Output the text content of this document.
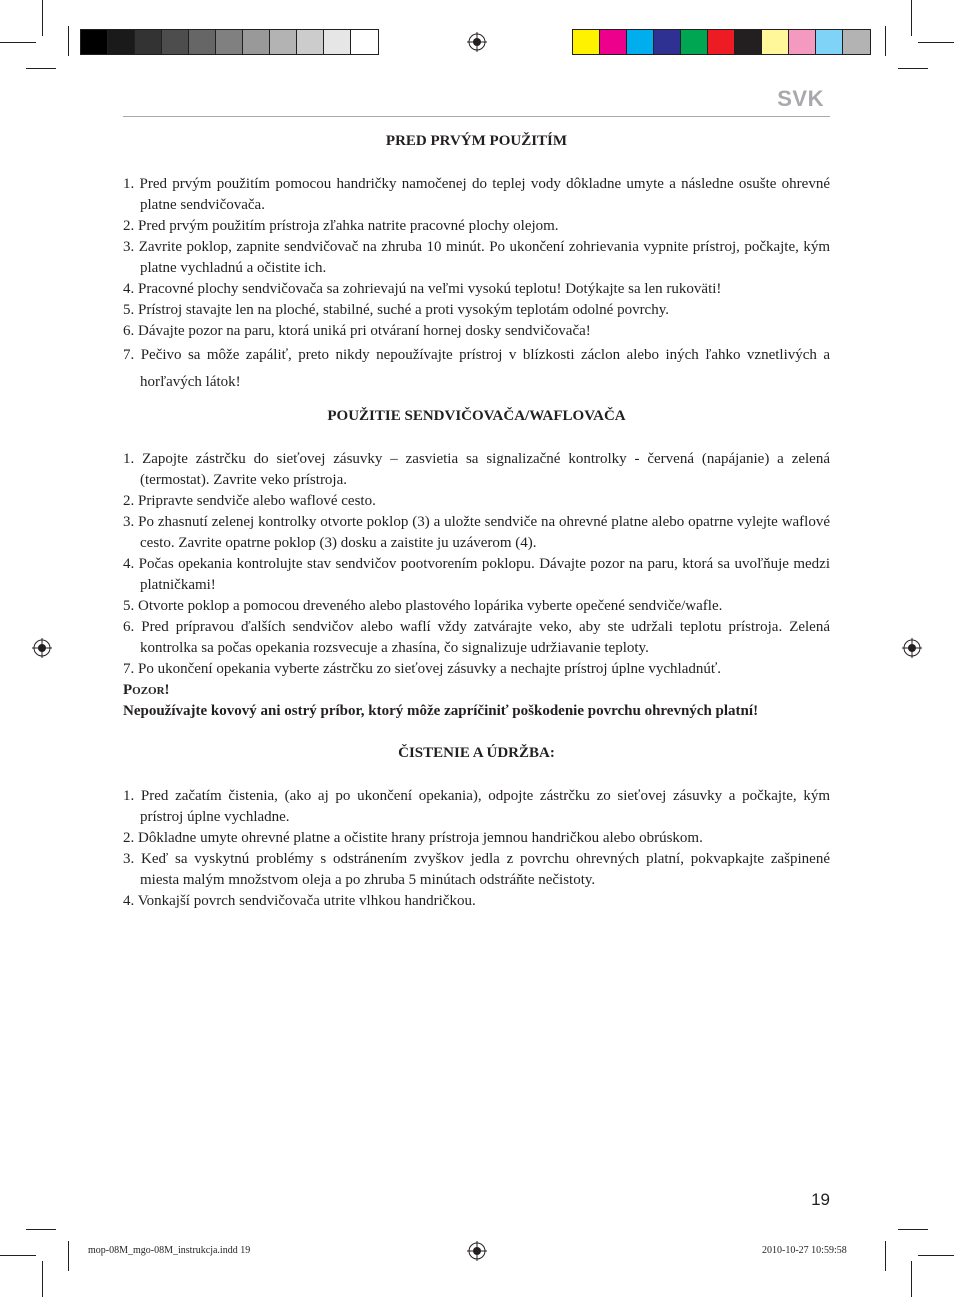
SVK

PRED PRVÝM POUŽITÍM

1. Pred prvým použitím pomocou handričky namočenej do teplej vody dôkladne umyte a následne osušte ohrevné platne sendvičovača.
2. Pred prvým použitím prístroja zľahka natrite pracovné plochy olejom.
3. Zavrite poklop, zapnite sendvičovač na zhruba 10 minút. Po ukončení zohrievania vypnite prístroj, počkajte, kým platne vychladnú a očistite ich.
4. Pracovné plochy sendvičovača sa zohrievajú na veľmi vysokú teplotu! Dotýkajte sa len rukoväti!
5. Prístroj stavajte len na ploché, stabilné, suché a proti vysokým teplotám odolné povrchy.
6. Dávajte pozor na paru, ktorá uniká pri otváraní hornej dosky sendvičovača!
7. Pečivo sa môže zapáliť, preto nikdy nepoužívajte prístroj v blízkosti záclon alebo iných ľahko vznetlivých a horľavých látok!

POUŽITIE SENDVIČOVAČA/WAFLOVAČA

1. Zapojte zástrčku do sieťovej zásuvky – zasvietia sa signalizačné kontrolky - červená (napájanie) a zelená (termostat). Zavrite veko prístroja.
2. Pripravte sendviče alebo waflové cesto.
3. Po zhasnutí zelenej kontrolky otvorte poklop (3) a uložte sendviče na ohrevné platne alebo opatrne vylejte waflové cesto. Zavrite opatrne poklop (3) dosku a zaistite ju uzáverom (4).
4. Počas opekania kontrolujte stav sendvičov pootvorením poklopu. Dávajte pozor na paru, ktorá sa uvoľňuje medzi platničkami!
5. Otvorte poklop a pomocou dreveného alebo plastového lopárika vyberte opečené sendviče/wafle.
6. Pred prípravou ďalších sendvičov alebo waflí vždy zatvárajte veko, aby ste udržali teplotu prístroja. Zelená kontrolka sa počas opekania rozsvecuje a zhasína, čo signalizuje udržiavanie teploty.
7. Po ukončení opekania vyberte zástrčku zo sieťovej zásuvky a nechajte prístroj úplne vychladnúť.

Pozor!

Nepoužívajte kovový ani ostrý príbor, ktorý môže zapríčiniť poškodenie povrchu ohrevných platní!

ČISTENIE A ÚDRŽBA:

1. Pred začatím čistenia, (ako aj po ukončení opekania), odpojte zástrčku zo sieťovej zásuvky a počkajte, kým prístroj úplne vychladne.
2. Dôkladne umyte ohrevné platne a očistite hrany prístroja jemnou handričkou alebo obrúskom.
3. Keď sa vyskytnú problémy s odstránením zvyškov jedla z povrchu ohrevných platní, pokvapkajte zašpinené miesta malým množstvom oleja a po zhruba 5 minútach odstráňte nečistoty.
4. Vonkajší povrch sendvičovača utrite vlhkou handričkou.
19
mop-08M_mgo-08M_instrukcja.indd 19	2010-10-27 10:59:58
